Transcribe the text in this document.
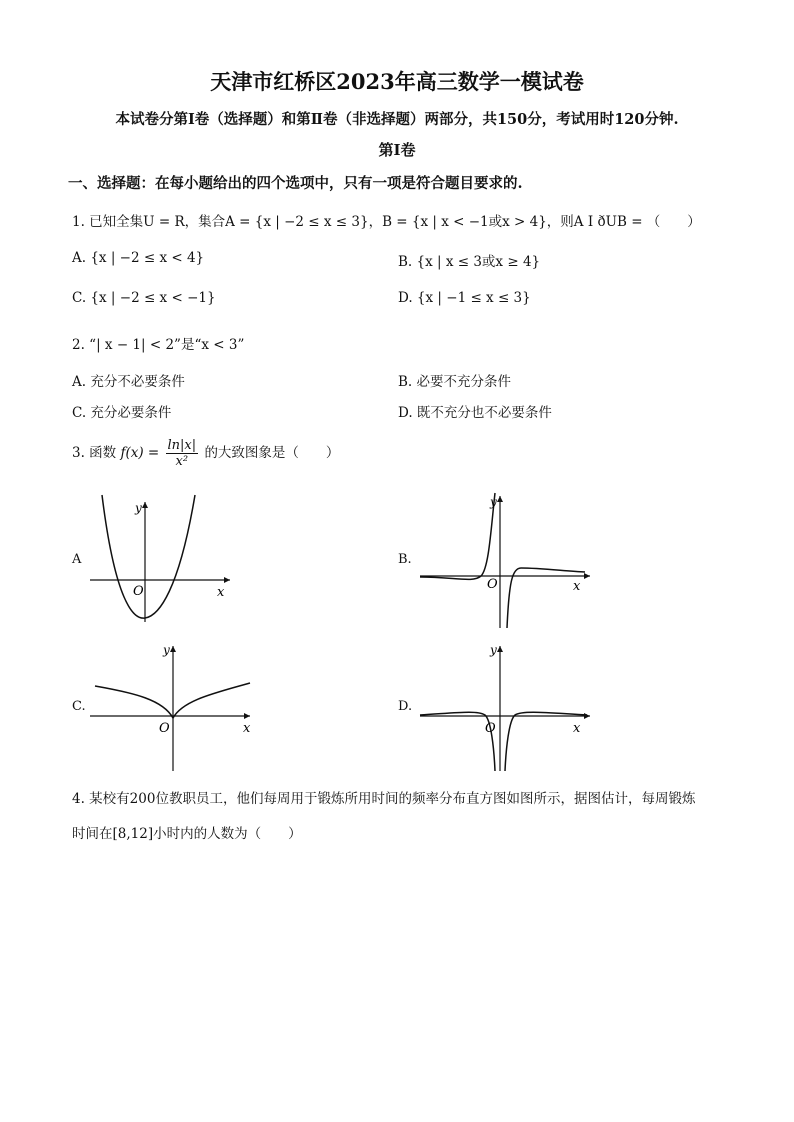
天津市红桥区2023年高三数学一模试卷
本试卷分第Ⅰ卷（选择题）和第Ⅱ卷（非选择题）两部分，共150分，考试用时120分钟.
第Ⅰ卷
一、选择题：在每小题给出的四个选项中，只有一项是符合题目要求的.
1. 已知全集U = R，集合A = {x | −2 ≤ x ≤ 3}，B = {x | x < −1或x > 4}，则A I ðUB = （　　）
A. {x | −2 ≤ x < 4}	B. {x | x ≤ 3或x ≥ 4}
C. {x | −2 ≤ x < −1}	D. {x | −1 ≤ x ≤ 3}
2. “| x − 1| < 2”是“x < 3”
A. 充分不必要条件	B. 必要不充分条件
C. 充分必要条件	D. 既不充分也不必要条件
3. 函数 $f(x) = \frac{\ln|x|}{\text{x²}}$ 的大致图象是（　　）
A	B.
C.	D.
y
x
O
y
x
O
y
x
O
y
x
O
4. 某校有200位教职员工，他们每周用于锻炼所用时间的频率分布直方图如图所示，据图估计，每周锻炼
时间在[8,12]小时内的人数为（　　）
